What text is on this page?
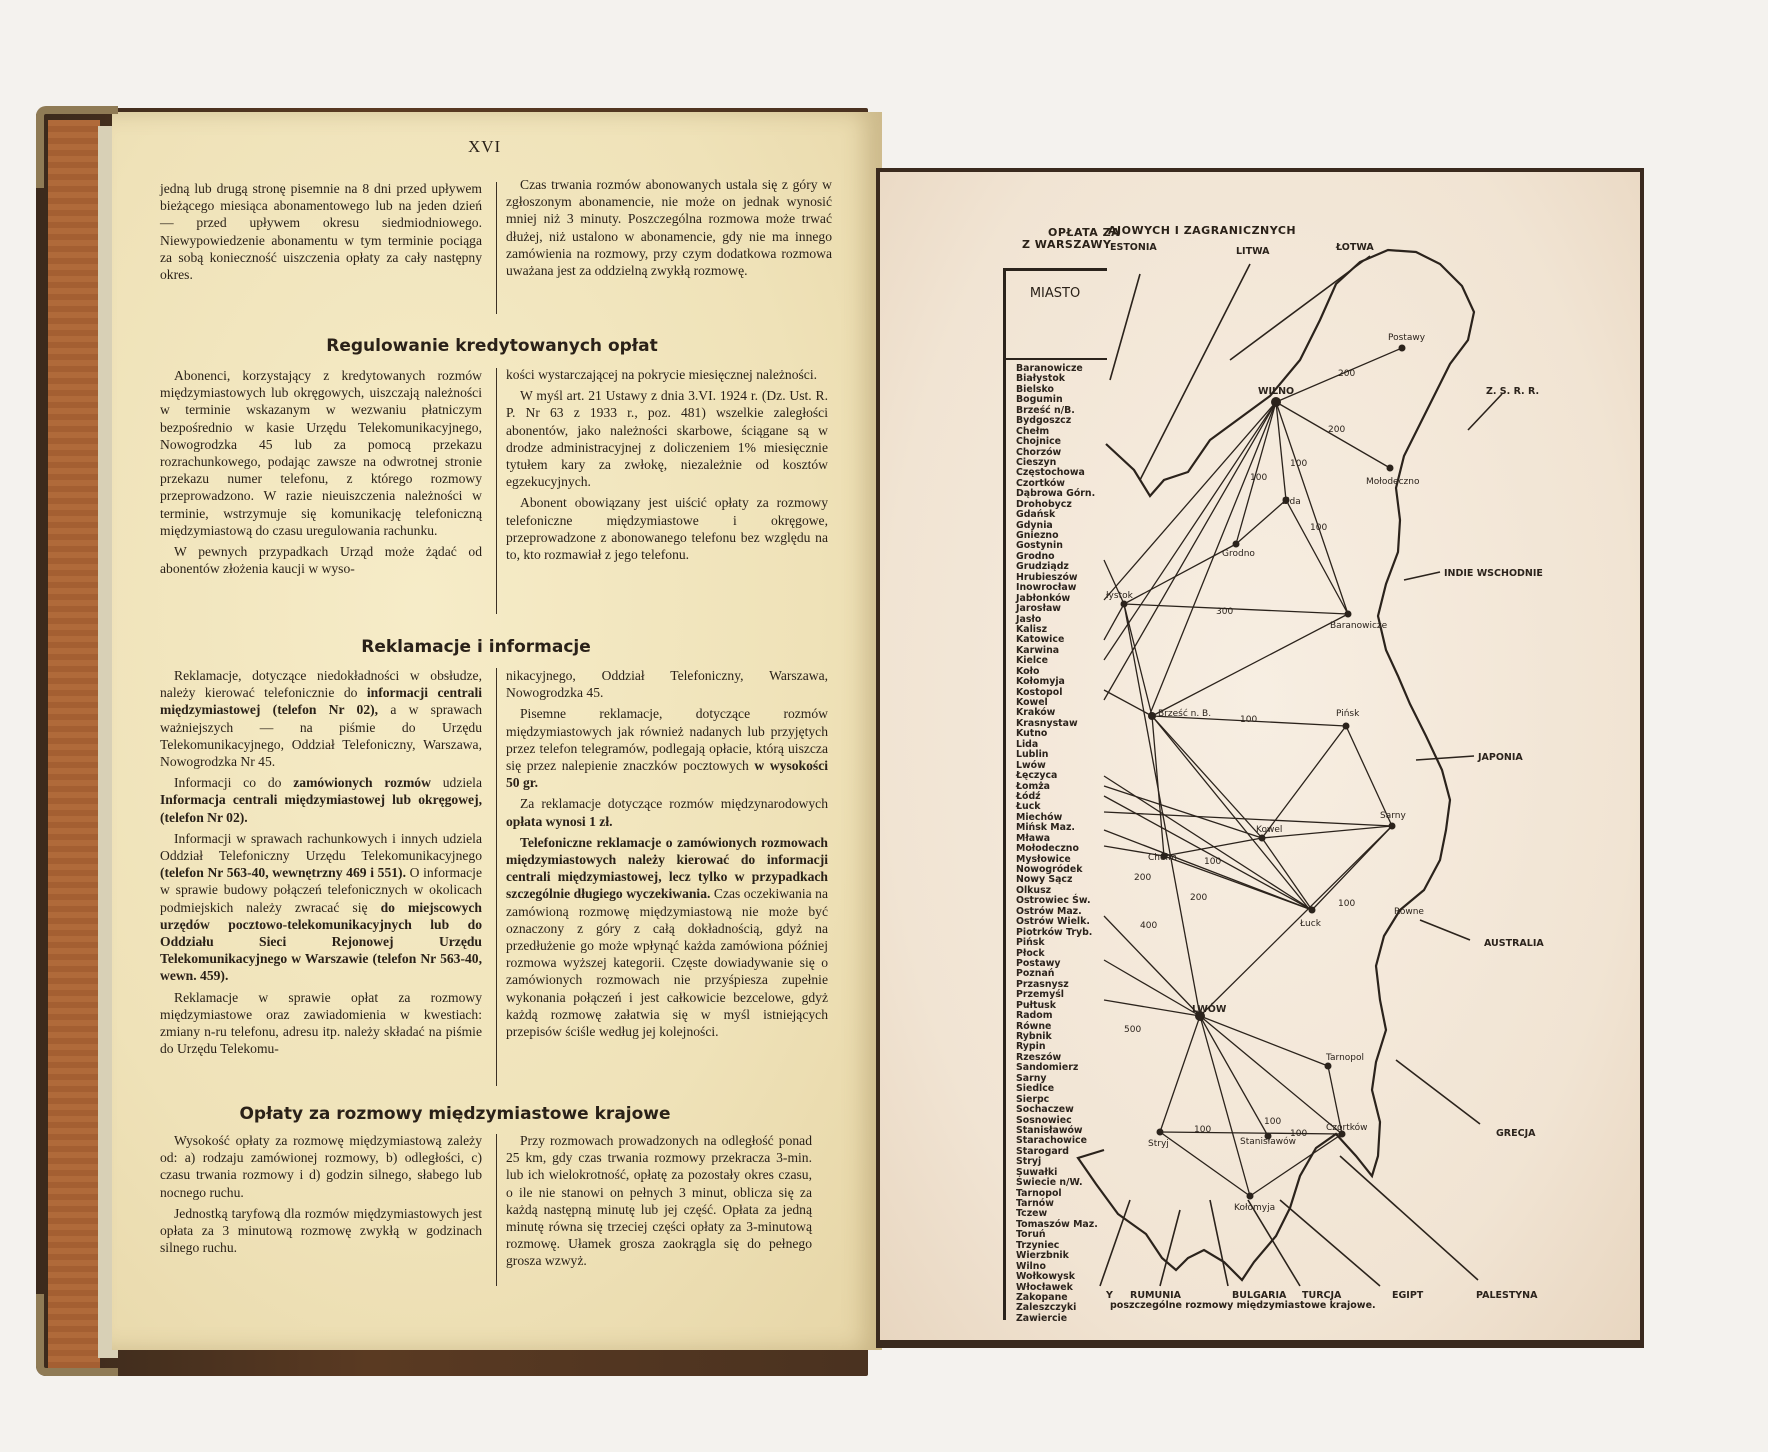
XVI

jedną lub drugą stronę pisemnie na 8 dni przed upływem bieżącego miesiąca abonamentowego lub na jeden dzień — przed upływem okresu siedmiodniowego. Niewypowiedzenie abonamentu w tym terminie pociąga za sobą konieczność uiszczenia opłaty za cały następny okres.

Czas trwania rozmów abonowanych ustala się z góry w zgłoszonym abonamencie, nie może on jednak wynosić mniej niż 3 minuty. Poszczególna rozmowa może trwać dłużej, niż ustalono w abonamencie, gdy nie ma innego zamówienia na rozmowy, przy czym dodatkowa rozmowa uważana jest za oddzielną zwykłą rozmowę.

Regulowanie kredytowanych opłat

Abonenci, korzystający z kredytowanych rozmów międzymiastowych lub okręgowych, uiszczają należności w terminie wskazanym w wezwaniu płatniczym bezpośrednio w kasie Urzędu Telekomunikacyjnego, Nowogrodzka 45 lub za pomocą przekazu rozrachunkowego, podając zawsze na odwrotnej stronie przekazu numer telefonu, z którego rozmowy przeprowadzono. W razie nieuiszczenia należności w terminie, wstrzymuje się komunikację telefoniczną międzymiastową do czasu uregulowania rachunku.

W pewnych przypadkach Urząd może żądać od abonentów złożenia kaucji w wyso-

kości wystarczającej na pokrycie miesięcznej należności.

W myśl art. 21 Ustawy z dnia 3.VI. 1924 r. (Dz. Ust. R. P. Nr 63 z 1933 r., poz. 481) wszelkie zaległości abonentów, jako należności skarbowe, ściągane są w drodze administracyjnej z doliczeniem 1% miesięcznie tytułem kary za zwłokę, niezależnie od kosztów egzekucyjnych.

Abonent obowiązany jest uiścić opłaty za rozmowy telefoniczne międzymiastowe i okręgowe, przeprowadzone z abonowanego telefonu bez względu na to, kto rozmawiał z jego telefonu.

Reklamacje i informacje

Reklamacje, dotyczące niedokładności w obsłudze, należy kierować telefonicznie do informacji centrali międzymiastowej (telefon Nr 02), a w sprawach ważniejszych — na piśmie do Urzędu Telekomunikacyjnego, Oddział Telefoniczny, Warszawa, Nowogrodzka Nr 45.

Informacji co do zamówionych rozmów udziela Informacja centrali międzymiastowej lub okręgowej, (telefon Nr 02).

Informacji w sprawach rachunkowych i innych udziela Oddział Telefoniczny Urzędu Telekomunikacyjnego (telefon Nr 563-40, wewnętrzny 469 i 551). O informacje w sprawie budowy połączeń telefonicznych w okolicach podmiejskich należy zwracać się do miejscowych urzędów pocztowo-telekomunikacyjnych lub do Oddziału Sieci Rejonowej Urzędu Telekomunikacyjnego w Warszawie (telefon Nr 563-40, wewn. 459).

Reklamacje w sprawie opłat za rozmowy międzymiastowe oraz zawiadomienia w kwestiach: zmiany n-ru telefonu, adresu itp. należy składać na piśmie do Urzędu Telekomu-

nikacyjnego, Oddział Telefoniczny, Warszawa, Nowogrodzka 45.

Pisemne reklamacje, dotyczące rozmów międzymiastowych jak również nadanych lub przyjętych przez telefon telegramów, podlegają opłacie, którą uiszcza się przez nalepienie znaczków pocztowych w wysokości 50 gr.

Za reklamacje dotyczące rozmów międzynarodowych opłata wynosi 1 zł.

Telefoniczne reklamacje o zamówionych rozmowach międzymiastowych należy kierować do informacji centrali międzymiastowej, lecz tylko w przypadkach szczególnie długiego wyczekiwania. Czas oczekiwania na zamówioną rozmowę międzymiastową nie może być oznaczony z góry z całą dokładnością, gdyż na przedłużenie go może wpłynąć każda zamówiona później rozmowa wyższej kategorii. Częste dowiadywanie się o zamówionych rozmowach nie przyśpiesza zupełnie wykonania połączeń i jest całkowicie bezcelowe, gdyż każdą rozmowę załatwia się w myśl istniejących przepisów ściśle według jej kolejności.

Opłaty za rozmowy międzymiastowe krajowe

Wysokość opłaty za rozmowę międzymiastową zależy od: a) rodzaju zamówionej rozmowy, b) odległości, c) czasu trwania rozmowy i d) godzin silnego, słabego lub nocnego ruchu.

Jednostką taryfową dla rozmów międzymiastowych jest opłata za 3 minutową rozmowę zwykłą w godzinach silnego ruchu.

Przy rozmowach prowadzonych na odległość ponad 25 km, gdy czas trwania rozmowy przekracza 3-min. lub ich wielokrotność, opłatę za pozostały okres czasu, o ile nie stanowi on pełnych 3 minut, oblicza się za każdą następną minutę lub jej część. Opłata za jedną minutę równa się trzeciej części opłaty za 3-minutową rozmowę. Ułamek grosza zaokrągla się do pełnego grosza wzwyż.

OPŁATA ZA
AJOWYCH I ZAGRANICZNYCH
Z WARSZAWY
MIASTO
Baranowicze
Białystok
Bielsko
Bogumin
Brześć n/B.
Bydgoszcz
Chełm
Chojnice
Chorzów
Cieszyn
Częstochowa
Czortków
Dąbrowa Górn.
Drohobycz
Gdańsk
Gdynia
Gniezno
Gostynin
Grodno
Grudziądz
Hrubieszów
Inowrocław
Jabłonków
Jarosław
Jasło
Kalisz
Katowice
Karwina
Kielce
Koło
Kołomyja
Kostopol
Kowel
Kraków
Krasnystaw
Kutno
Lida
Lublin
Lwów
Łęczyca
Łomża
Łódź
Łuck
Miechów
Mińsk Maz.
Mława
Mołodeczno
Mysłowice
Nowogródek
Nowy Sącz
Olkusz
Ostrowiec Św.
Ostrów Maz.
Ostrów Wielk.
Piotrków Tryb.
Pińsk
Płock
Postawy
Poznań
Przasnysz
Przemyśl
Pułtusk
Radom
Równe
Rybnik
Rypin
Rzeszów
Sandomierz
Sarny
Siedlce
Sierpc
Sochaczew
Sosnowiec
Stanisławów
Starachowice
Starogard
Stryj
Suwałki
Świecie n/W.
Tarnopol
Tarnów
Tczew
Tomaszów Maz.
Toruń
Trzyniec
Wierzbnik
Wilno
Wołkowysk
Włocławek
Zakopane
Zaleszczyki
Zawiercie
ESTONIA	LITWA	ŁOTWA
Z. S. R. R.
INDIE WSCHODNIE
JAPONIA
AUSTRALIA
GRECJA
PALESTYNA
EGIPT
TURCJA
BULGARIA
RUMUNIA
Y
Postawy
WILNO
Mołodeczno
Lida
Grodno
łystok
Baranowicze
Brześć n. B.	Pińsk
Sarny
Kowel
Chełm
Łuck
Równe
LWÓW
Tarnopol
Stryj	Stanisławów
Czortków
Kołomyja
200
200
100
100
100
300
100
100
100
200
200
400
100
100	100
500
poszczególne rozmowy międzymiastowe krajowe.
